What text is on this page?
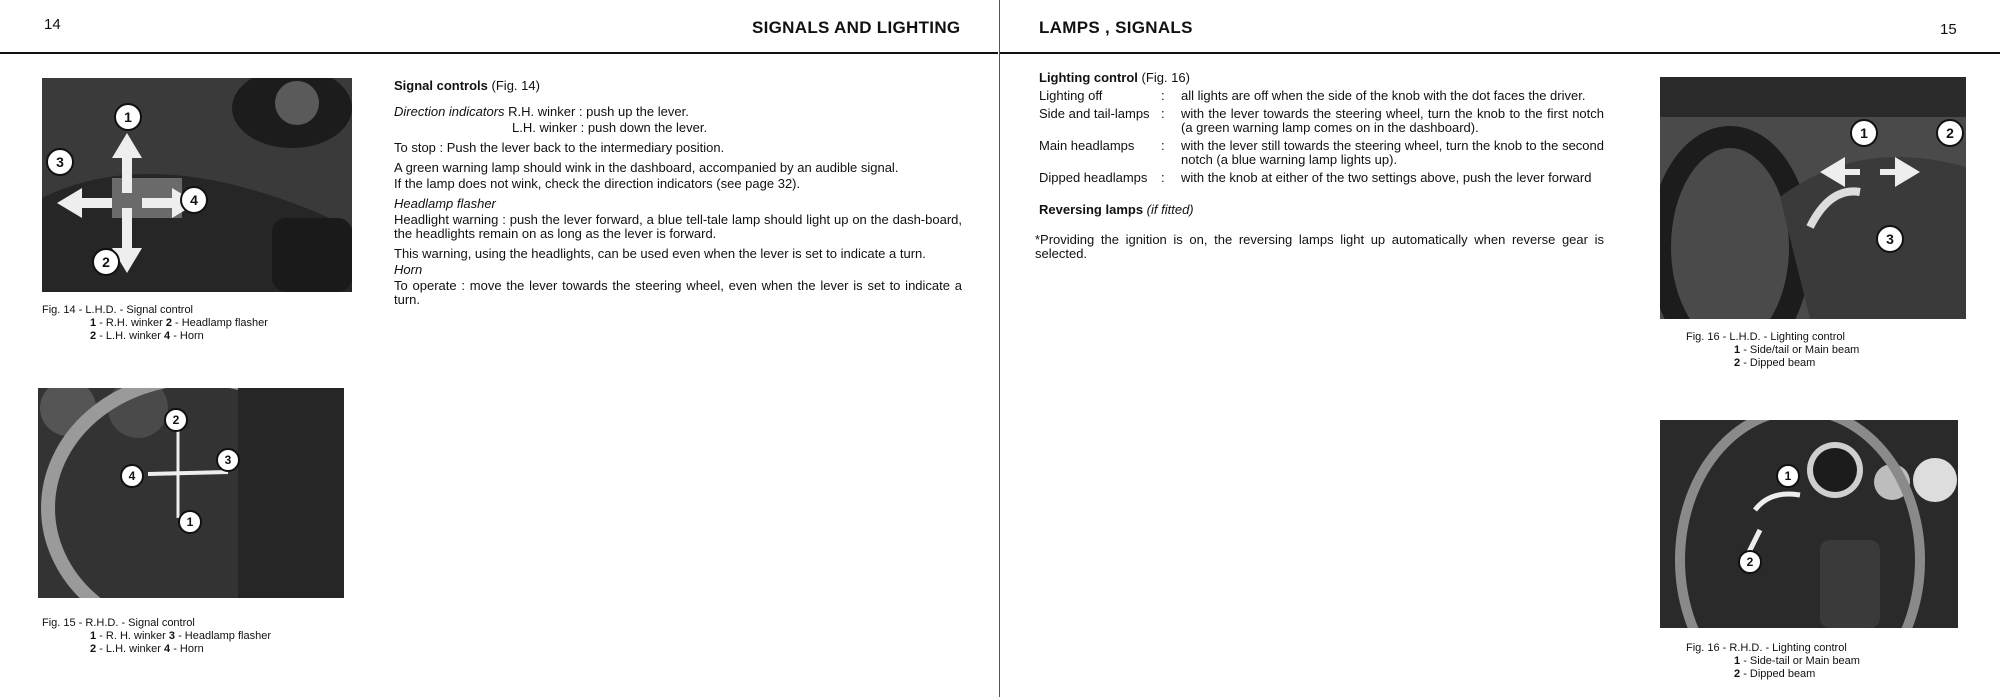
14	SIGNALS AND LIGHTING	LAMPS , SIGNALS	15
1
2
3
4
Fig. 14 - L.H.D. - Signal control
1 - R.H. winker 2 - Headlamp flasher
2 - L.H. winker 4 - Horn
2
3
4
1
Fig. 15 - R.H.D. - Signal control
1 - R. H. winker 3 - Headlamp flasher
2 - L.H. winker 4 - Horn

Signal controls (Fig. 14)

Direction indicators R.H. winker : push up the lever.

L.H. winker : push down the lever.

To stop : Push the lever back to the intermediary position.

A green warning lamp should wink in the dashboard, accompanied by an audible signal.

If the lamp does not wink, check the direction indicators (see page 32).

Headlamp flasher

Headlight warning : push the lever forward, a blue tell-tale lamp should light up on the dash-board, the headlights remain on as long as the lever is forward.

This warning, using the headlights, can be used even when the lever is set to indicate a turn.

Horn

To operate : move the lever towards the steering wheel, even when the lever is set to indicate a turn.

Lighting control (Fig. 16)

Lighting off	:	all lights are off when the side of the knob with the dot faces the driver.
Side and tail-lamps :	with the lever towards the steering wheel, turn the knob to the first notch (a green warning lamp comes on in the dashboard).
Main headlamps	:	with the lever still towards the steering wheel, turn the knob to the second notch (a blue warning lamp lights up).
Dipped headlamps	:	with the knob at either of the two settings above, push the lever forward

Reversing lamps (if fitted)

*Providing the ignition is on, the reversing lamps light up automatically when reverse gear is selected.

1	2
3
Fig. 16 - L.H.D. - Lighting control
1 - Side/tail or Main beam
2 - Dipped beam
1
2
Fig. 16 - R.H.D. - Lighting control
1 - Side-tail or Main beam
2 - Dipped beam
